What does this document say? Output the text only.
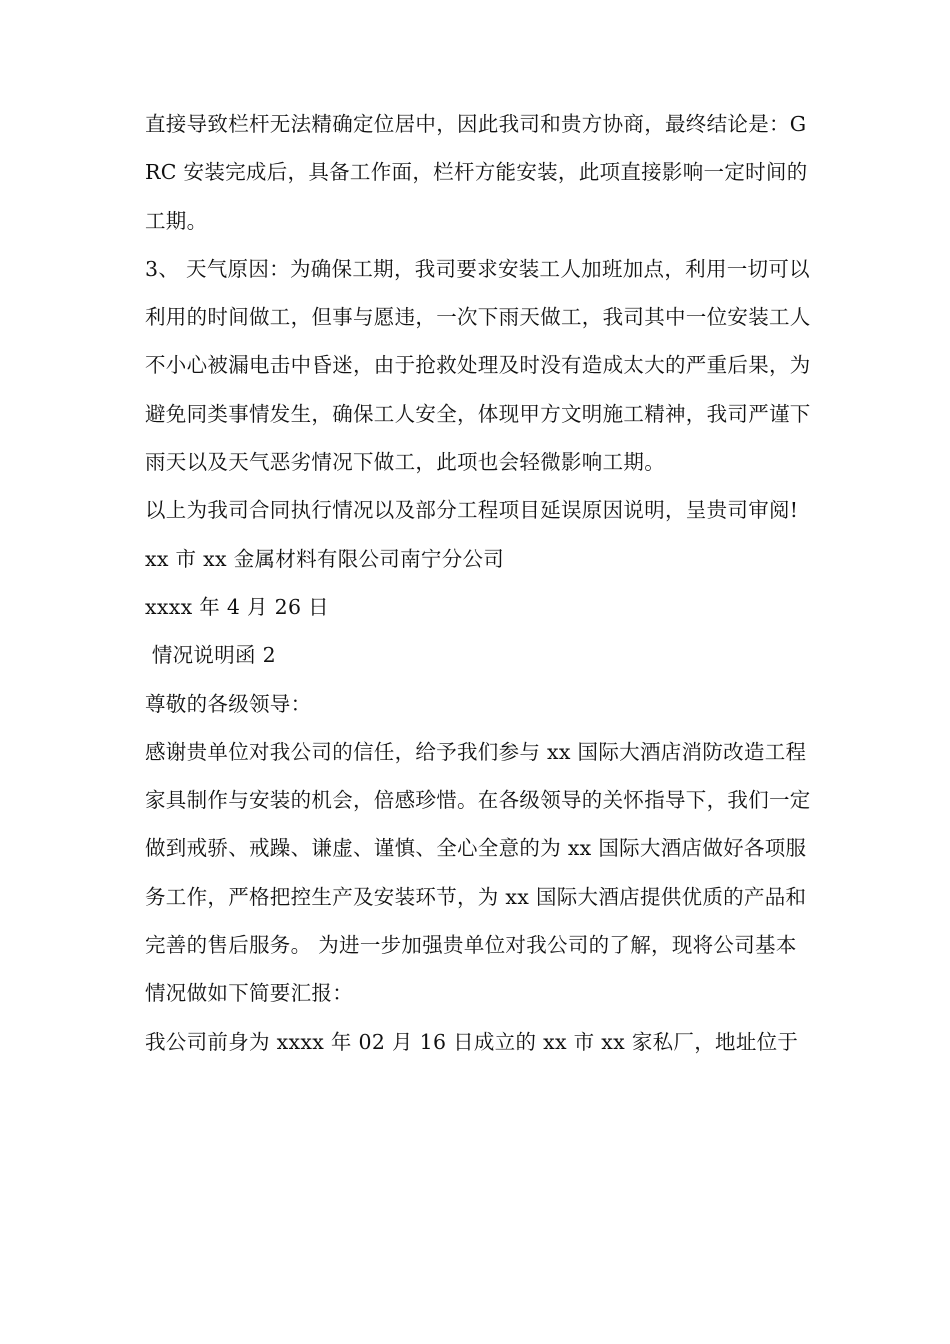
直接导致栏杆无法精确定位居中，因此我司和贵方协商，最终结论是：GRC 安装完成后，具备工作面，栏杆方能安装，此项直接影响一定时间的工期。

3、 天气原因：为确保工期，我司要求安装工人加班加点，利用一切可以利用的时间做工，但事与愿违，一次下雨天做工，我司其中一位安装工人不小心被漏电击中昏迷，由于抢救处理及时没有造成太大的严重后果，为避免同类事情发生，确保工人安全，体现甲方文明施工精神，我司严谨下雨天以及天气恶劣情况下做工，此项也会轻微影响工期。

以上为我司合同执行情况以及部分工程项目延误原因说明，呈贵司审阅!

xx 市 xx 金属材料有限公司南宁分公司

xxxx 年 4 月 26 日

情况说明函 2

尊敬的各级领导：

感谢贵单位对我公司的信任，给予我们参与 xx 国际大酒店消防改造工程家具制作与安装的机会，倍感珍惜。在各级领导的关怀指导下，我们一定做到戒骄、戒躁、谦虚、谨慎、全心全意的为 xx 国际大酒店做好各项服务工作，严格把控生产及安装环节，为 xx 国际大酒店提供优质的产品和完善的售后服务。 为进一步加强贵单位对我公司的了解，现将公司基本情况做如下简要汇报：

我公司前身为 xxxx 年 02 月 16 日成立的 xx 市 xx 家私厂，地址位于
